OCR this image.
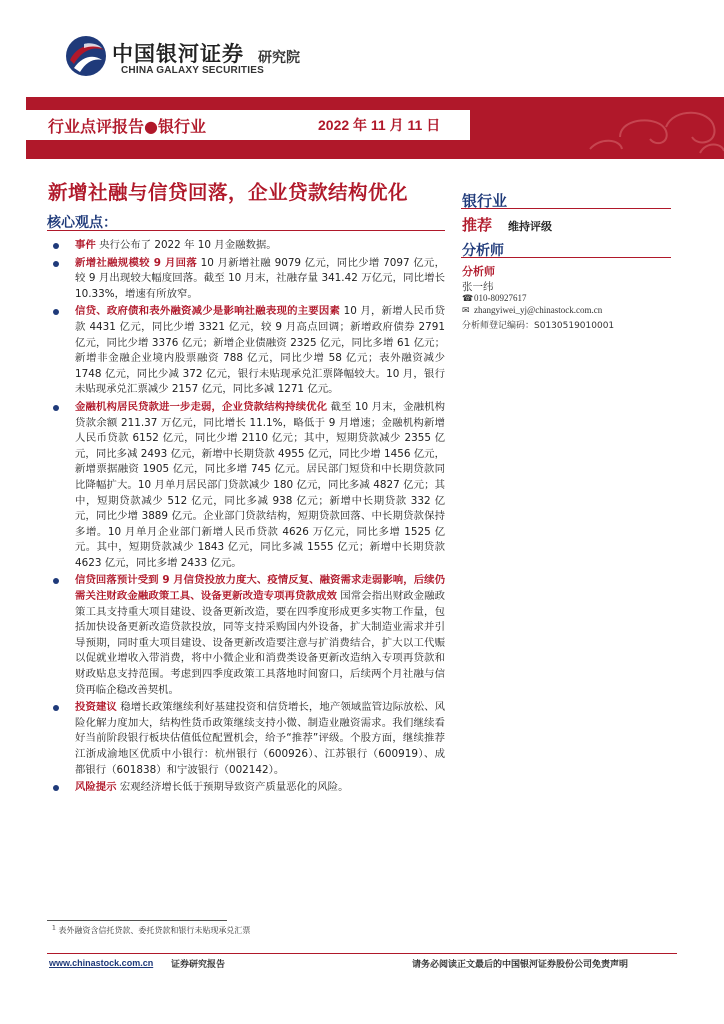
中国银河证券
CHINA GALAXY SECURITIES
研究院
行业点评报告●银行业	2022 年 11 月 11 日
新增社融与信贷回落，企业贷款结构优化
核心观点：
银行业
推荐 维持评级
分析师
分析师
张一纬
☎010-80927617
✉ zhangyiwei_yj@chinastock.com.cn
分析师登记编码：S0130519010001
事件 央行公布了 2022 年 10 月金融数据。
新增社融规模较 9 月回落 10 月新增社融 9079 亿元，同比少增 7097 亿元，较 9 月出现较大幅度回落。截至 10 月末，社融存量 341.42 万亿元，同比增长 10.33%，增速有所放窄。
信贷、政府债和表外融资减少是影响社融表现的主要因素 10 月，新增人民币贷款 4431 亿元，同比少增 3321 亿元，较 9 月高点回调；新增政府债券 2791 亿元，同比少增 3376 亿元；新增企业债融资 2325 亿元，同比多增 61 亿元；新增非金融企业境内股票融资 788 亿元，同比少增 58 亿元；表外融资减少 1748 亿元，同比少减 372 亿元，银行未贴现承兑汇票降幅较大。10 月，银行未贴现承兑汇票减少 2157 亿元，同比多减 1271 亿元。
金融机构居民贷款进一步走弱，企业贷款结构持续优化 截至 10 月末，金融机构贷款余额 211.37 万亿元，同比增长 11.1%，略低于 9 月增速；金融机构新增人民币贷款 6152 亿元，同比少增 2110 亿元；其中，短期贷款减少 2355 亿元，同比多减 2493 亿元，新增中长期贷款 4955 亿元，同比少增 1456 亿元，新增票据融资 1905 亿元，同比多增 745 亿元。居民部门短贷和中长期贷款同比降幅扩大。10 月单月居民部门贷款减少 180 亿元，同比多减 4827 亿元；其中，短期贷款减少 512 亿元，同比多减 938 亿元；新增中长期贷款 332 亿元，同比少增 3889 亿元。企业部门贷款结构，短期贷款回落、中长期贷款保持多增。10 月单月企业部门新增人民币贷款 4626 万亿元，同比多增 1525 亿元。其中，短期贷款减少 1843 亿元，同比多减 1555 亿元；新增中长期贷款 4623 亿元，同比多增 2433 亿元。
信贷回落预计受到 9 月信贷投放力度大、疫情反复、融资需求走弱影响，后续仍需关注财政金融政策工具、设备更新改造专项再贷款成效 国常会指出财政金融政策工具支持重大项目建设、设备更新改造，要在四季度形成更多实物工作量，包括加快设备更新改造贷款投放，同等支持采购国内外设备，扩大制造业需求并引导预期，同时重大项目建设、设备更新改造要注意与扩消费结合，扩大以工代赈以促就业增收入带消费，将中小微企业和消费类设备更新改造纳入专项再贷款和财政贴息支持范围。考虑到四季度政策工具落地时间窗口，后续两个月社融与信贷再临企稳改善契机。
投资建议 稳增长政策继续利好基建投资和信贷增长，地产领域监管边际放松、风险化解力度加大，结构性货币政策继续支持小微、制造业融资需求。我们继续看好当前阶段银行板块估值低位配置机会，给予“推荐”评级。个股方面，继续推荐江浙成渝地区优质中小银行：杭州银行（600926）、江苏银行（600919）、成都银行（601838）和宁波银行（002142）。
风险提示 宏观经济增长低于预期导致资产质量恶化的风险。
$^1$ 表外融资含信托贷款、委托贷款和银行未贴现承兑汇票
www.chinastock.com.cn 证券研究报告	请务必阅读正文最后的中国银河证券股份公司免责声明
